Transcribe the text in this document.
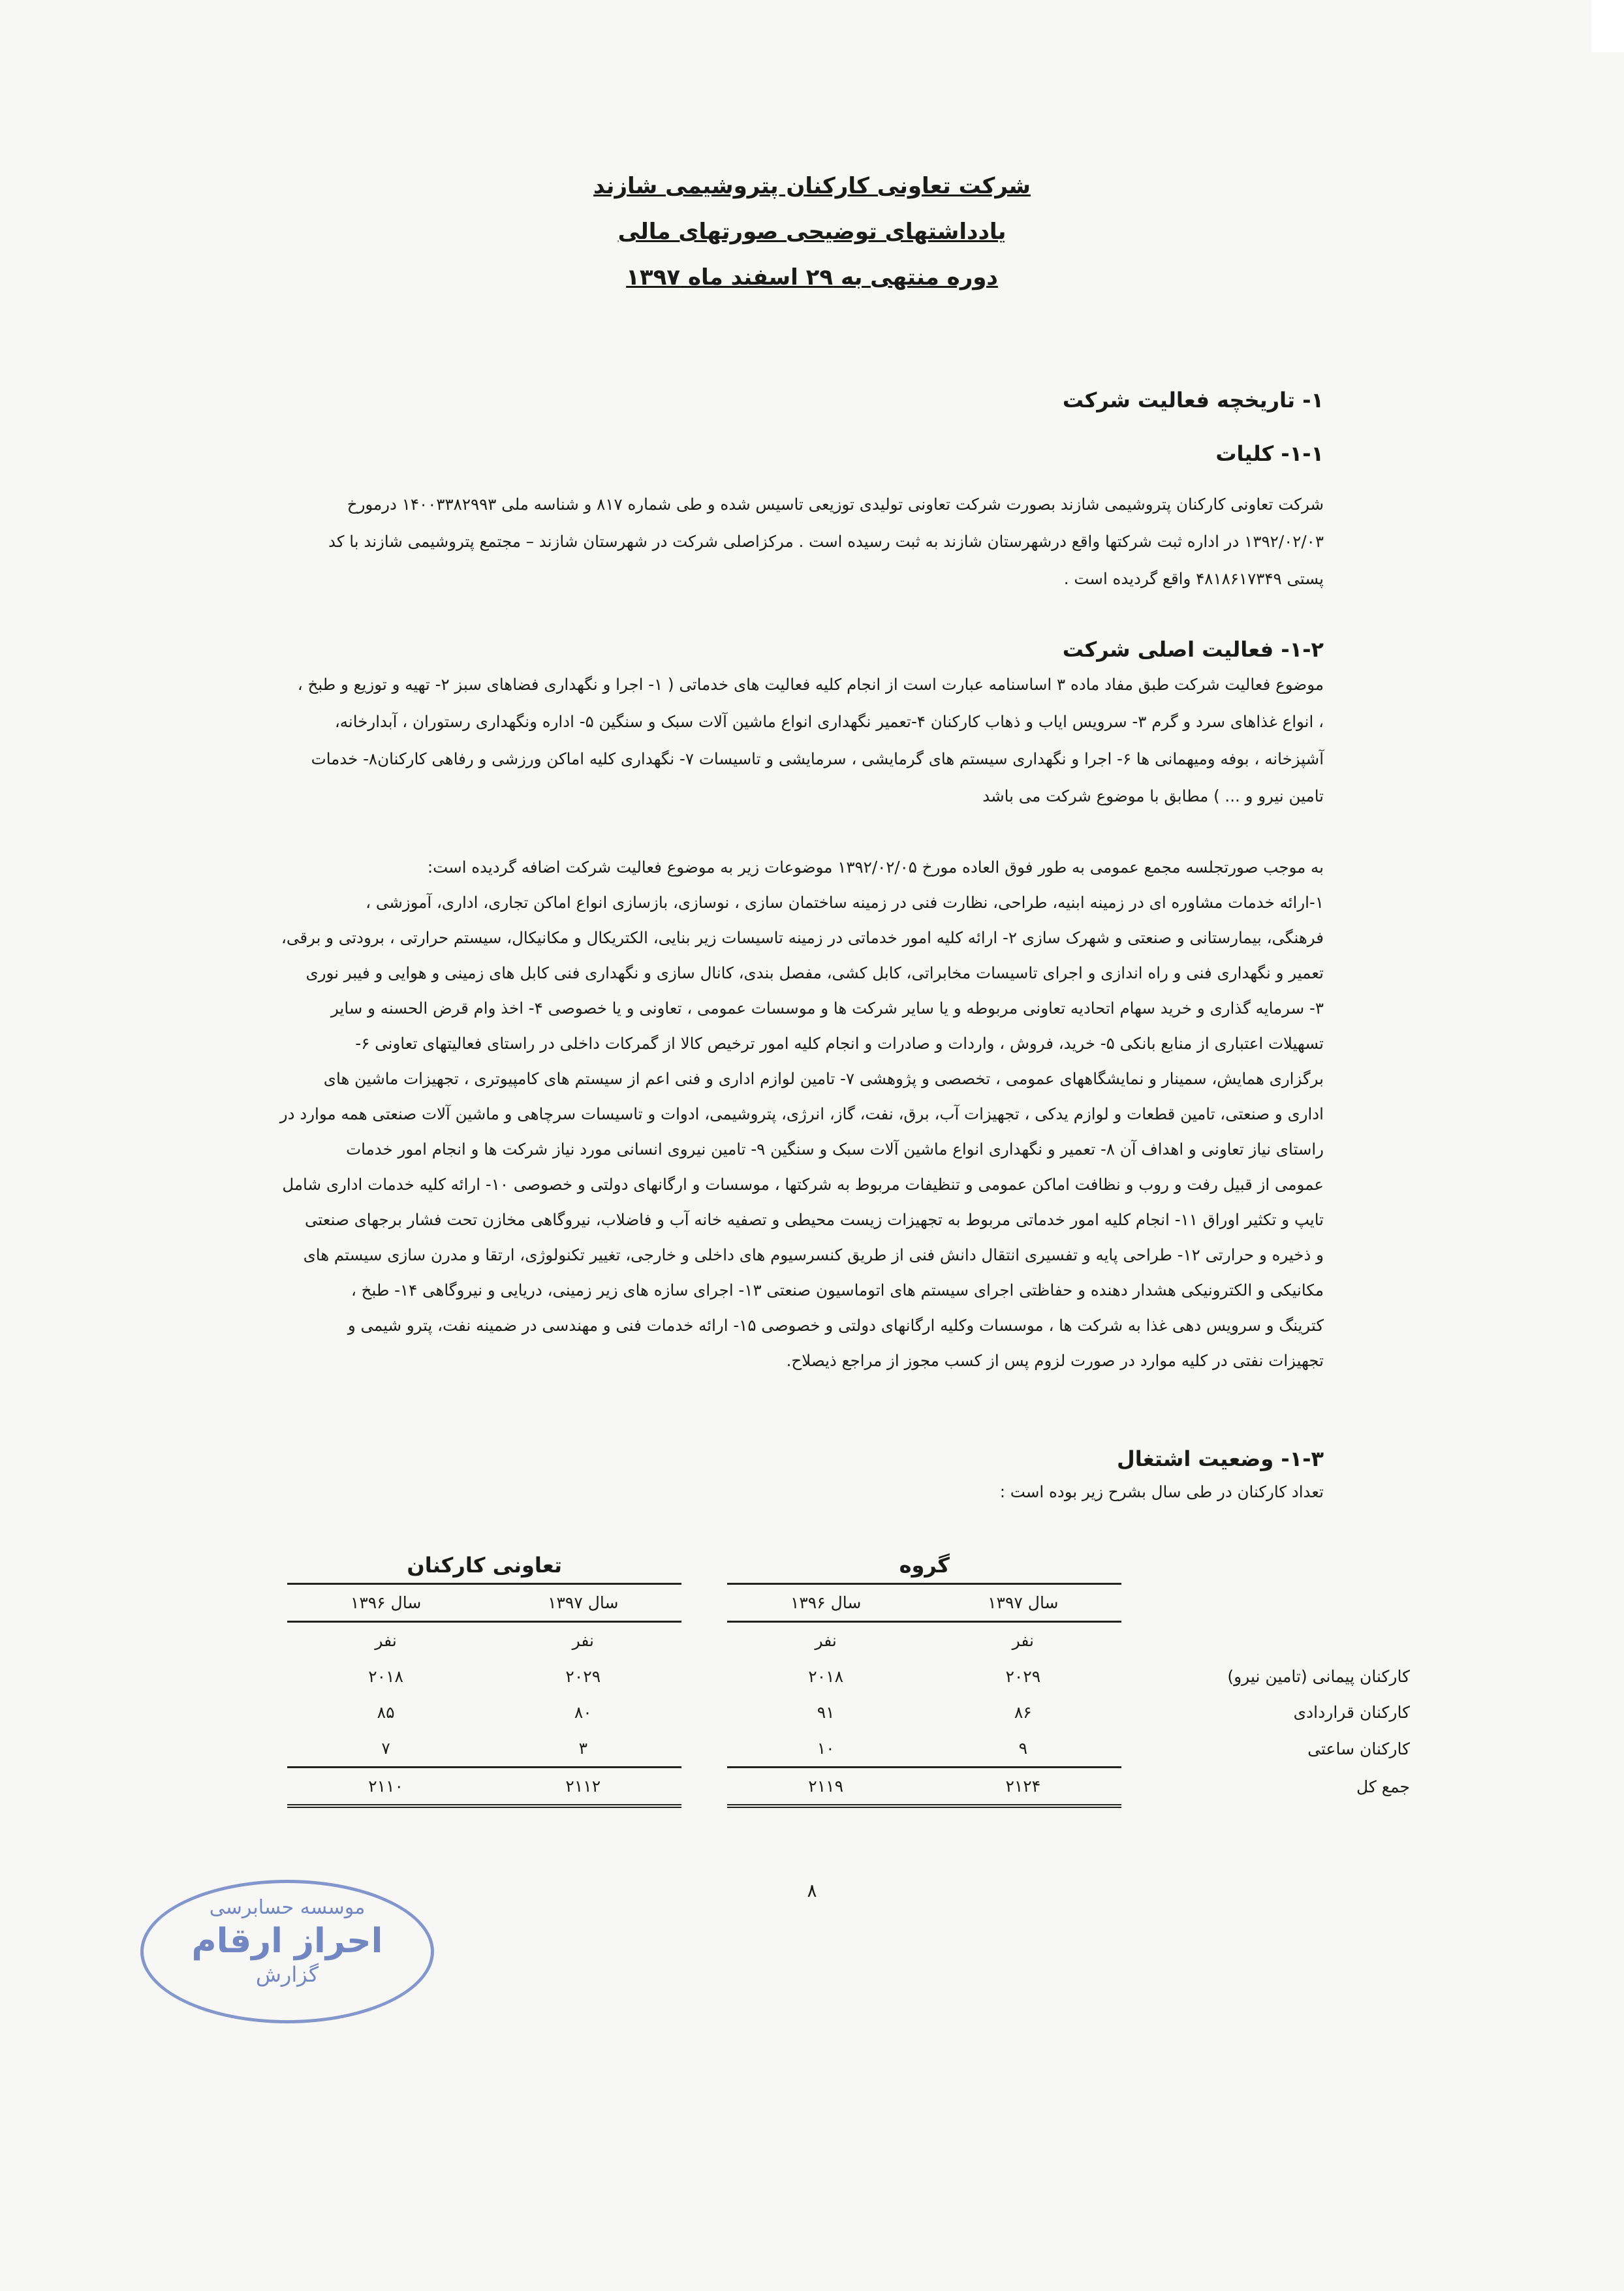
شرکت تعاونی کارکنان پتروشیمی شازند
یادداشتهای توضیحی صورتهای مالی
دوره منتهی به ۲۹ اسفند ماه ۱۳۹۷
۱- تاریخچه فعالیت شرکت
۱-۱- کلیات

شرکت تعاونی کارکنان پتروشیمی شازند بصورت شرکت تعاونی تولیدی توزیعی تاسیس شده و طی شماره ۸۱۷ و شناسه ملی ۱۴۰۰۳۳۸۲۹۹۳ درمورخ

۱۳۹۲/۰۲/۰۳ در اداره ثبت شرکتها واقع درشهرستان شازند به ثبت رسیده است . مرکزاصلی شرکت در شهرستان شازند – مجتمع پتروشیمی شازند با کد

پستی ۴۸۱۸۶۱۷۳۴۹ واقع گردیده است .

۱-۲- فعالیت اصلی شرکت

موضوع فعالیت شرکت طبق مفاد ماده ۳ اساسنامه عبارت است از انجام کلیه فعالیت های خدماتی ( ۱- اجرا و نگهداری فضاهای سبز ۲- تهیه و توزیع و طبخ ،

، انواع غذاهای سرد و گرم ۳- سرویس ایاب و ذهاب کارکنان ۴-تعمیر نگهداری انواع ماشین آلات سبک و سنگین ۵- اداره ونگهداری رستوران ، آبدارخانه،

آشپزخانه ، بوفه ومیهمانی ها ۶- اجرا و نگهداری سیستم های گرمایشی ، سرمایشی و تاسیسات ۷- نگهداری کلیه اماکن ورزشی و رفاهی کارکنان۸- خدمات

تامین نیرو و ... ) مطابق با موضوع شرکت می باشد

به موجب صورتجلسه مجمع عمومی به طور فوق العاده مورخ ۱۳۹۲/۰۲/۰۵ موضوعات زیر به موضوع فعالیت شرکت اضافه گردیده است:

۱-ارائه خدمات مشاوره ای در زمینه ابنیه، طراحی، نظارت فنی در زمینه ساختمان سازی ، نوسازی، بازسازی انواع اماکن تجاری، اداری، آموزشی ،

فرهنگی، بیمارستانی و صنعتی و شهرک سازی ۲- ارائه کلیه امور خدماتی در زمینه تاسیسات زیر بنایی، الکتریکال و مکانیکال، سیستم حرارتی ، برودتی و برقی،

تعمیر و نگهداری فنی و راه اندازی و اجرای تاسیسات مخابراتی، کابل کشی، مفصل بندی، کانال سازی و نگهداری فنی کابل های زمینی و هوایی و فیبر نوری

۳- سرمایه گذاری و خرید سهام اتحادیه تعاونی مربوطه و یا سایر شرکت ها و موسسات عمومی ، تعاونی و یا خصوصی ۴- اخذ وام قرض الحسنه و سایر

تسهیلات اعتباری از منابع بانکی ۵- خرید، فروش ، واردات و صادرات و انجام کلیه امور ترخیص کالا از گمرکات داخلی در راستای فعالیتهای تعاونی ۶-

برگزاری همایش، سمینار و نمایشگاههای عمومی ، تخصصی و پژوهشی ۷- تامین لوازم اداری و فنی اعم از سیستم های کامپیوتری ، تجهیزات ماشین های

اداری و صنعتی، تامین قطعات و لوازم یدکی ، تجهیزات آب، برق، نفت، گاز، انرژی، پتروشیمی، ادوات و تاسیسات سرچاهی و ماشین آلات صنعتی همه موارد در

راستای نیاز تعاونی و اهداف آن ۸- تعمیر و نگهداری انواع ماشین آلات سبک و سنگین ۹- تامین نیروی انسانی مورد نیاز شرکت ها و انجام امور خدمات

عمومی از قبیل رفت و روب و نظافت اماکن عمومی و تنظیفات مربوط به شرکتها ، موسسات و ارگانهای دولتی و خصوصی ۱۰- ارائه کلیه خدمات اداری شامل

تایپ و تکثیر اوراق ۱۱- انجام کلیه امور خدماتی مربوط به تجهیزات زیست محیطی و تصفیه خانه آب و فاضلاب، نیروگاهی مخازن تحت فشار برجهای صنعتی

و ذخیره و حرارتی ۱۲- طراحی پایه و تفسیری انتقال دانش فنی از طریق کنسرسیوم های داخلی و خارجی، تغییر تکنولوژی، ارتقا و مدرن سازی سیستم های

مکانیکی و الکترونیکی هشدار دهنده و حفاظتی اجرای سیستم های اتوماسیون صنعتی ۱۳- اجرای سازه های زیر زمینی، دریایی و نیروگاهی ۱۴- طبخ ،

کترینگ و سرویس دهی غذا به شرکت ها ، موسسات وکلیه ارگانهای دولتی و خصوصی ۱۵- ارائه خدمات فنی و مهندسی در ضمینه نفت، پترو شیمی و

تجهیزات نفتی در کلیه موارد در صورت لزوم پس از کسب مجوز از مراجع ذیصلاح.

۱-۳- وضعیت اشتغال
تعداد کارکنان در طی سال بشرح زیر بوده است :
	گروه			تعاونی کارکنان	
	سال ۱۳۹۷	سال ۱۳۹۶		سال ۱۳۹۷	سال ۱۳۹۶
	نفر	نفر		نفر	نفر
کارکنان پیمانی (تامین نیرو)	۲۰۲۹	۲۰۱۸		۲۰۲۹	۲۰۱۸
کارکنان قراردادی	۸۶	۹۱		۸۰	۸۵
کارکنان ساعتی	۹	۱۰		۳	۷
جمع کل	۲۱۲۴	۲۱۱۹		۲۱۱۲	۲۱۱۰
۸
موسسه حسابرسی
احراز ارقام
گزارش
